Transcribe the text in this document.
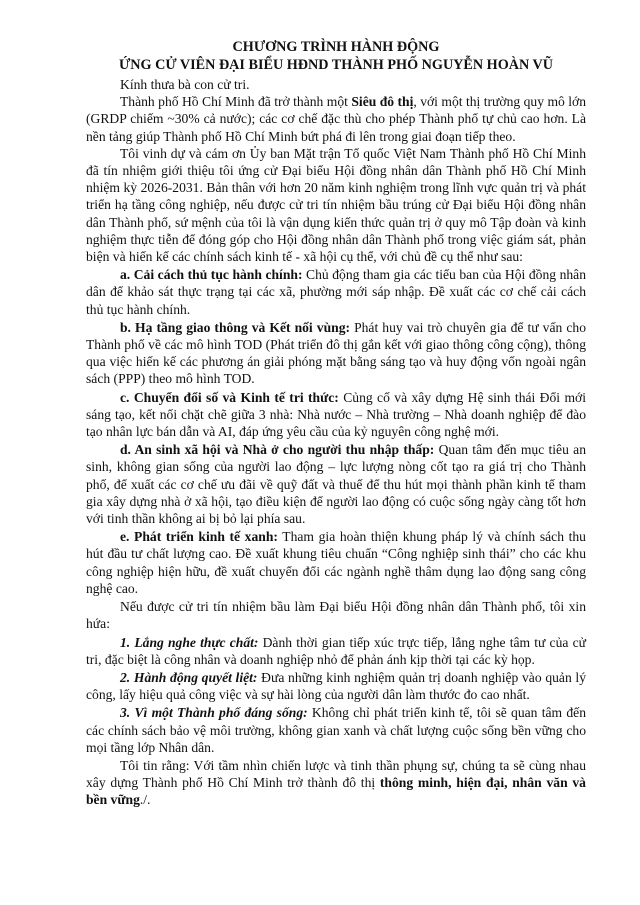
CHƯƠNG TRÌNH HÀNH ĐỘNG
ỨNG CỬ VIÊN ĐẠI BIỂU HĐND THÀNH PHỐ NGUYỄN HOÀN VŨ

Kính thưa bà con cử tri.

Thành phố Hồ Chí Minh đã trở thành một Siêu đô thị, với một thị trường quy mô lớn (GRDP chiếm ~30% cả nước); các cơ chế đặc thù cho phép Thành phố tự chủ cao hơn. Là nền tảng giúp Thành phố Hồ Chí Minh bứt phá đi lên trong giai đoạn tiếp theo.

Tôi vinh dự và cám ơn Ủy ban Mặt trận Tổ quốc Việt Nam Thành phố Hồ Chí Minh đã tín nhiệm giới thiệu tôi ứng cử Đại biểu Hội đồng nhân dân Thành phố Hồ Chí Minh nhiệm kỳ 2026-2031. Bản thân với hơn 20 năm kinh nghiệm trong lĩnh vực quản trị và phát triển hạ tầng công nghiệp, nếu được cử tri tín nhiệm bầu trúng cử Đại biểu Hội đồng nhân dân Thành phố, sứ mệnh của tôi là vận dụng kiến thức quản trị ở quy mô Tập đoàn và kinh nghiệm thực tiễn để đóng góp cho Hội đồng nhân dân Thành phố trong việc giám sát, phản biện và hiến kế các chính sách kinh tế - xã hội cụ thể, với chủ đề cụ thể như sau:

a. Cải cách thủ tục hành chính: Chủ động tham gia các tiểu ban của Hội đồng nhân dân để khảo sát thực trạng tại các xã, phường mới sáp nhập. Đề xuất các cơ chế cải cách thủ tục hành chính.

b. Hạ tầng giao thông và Kết nối vùng: Phát huy vai trò chuyên gia để tư vấn cho Thành phố về các mô hình TOD (Phát triển đô thị gắn kết với giao thông công cộng), thông qua việc hiến kế các phương án giải phóng mặt bằng sáng tạo và huy động vốn ngoài ngân sách (PPP) theo mô hình TOD.

c. Chuyển đổi số và Kinh tế tri thức: Củng cố và xây dựng Hệ sinh thái Đổi mới sáng tạo, kết nối chặt chẽ giữa 3 nhà: Nhà nước – Nhà trường – Nhà doanh nghiệp để đào tạo nhân lực bán dẫn và AI, đáp ứng yêu cầu của kỷ nguyên công nghệ mới.

d. An sinh xã hội và Nhà ở cho người thu nhập thấp: Quan tâm đến mục tiêu an sinh, không gian sống của người lao động – lực lượng nòng cốt tạo ra giá trị cho Thành phố, để xuất các cơ chế ưu đãi về quỹ đất và thuế để thu hút mọi thành phần kinh tế tham gia xây dựng nhà ở xã hội, tạo điều kiện để người lao động có cuộc sống ngày càng tốt hơn với tinh thần không ai bị bỏ lại phía sau.

e. Phát triển kinh tế xanh: Tham gia hoàn thiện khung pháp lý và chính sách thu hút đầu tư chất lượng cao. Đề xuất khung tiêu chuẩn “Công nghiệp sinh thái” cho các khu công nghiệp hiện hữu, đề xuất chuyển đổi các ngành nghề thâm dụng lao động sang công nghệ cao.

Nếu được cử tri tín nhiệm bầu làm Đại biểu Hội đồng nhân dân Thành phố, tôi xin hứa:

1. Lắng nghe thực chất: Dành thời gian tiếp xúc trực tiếp, lắng nghe tâm tư của cử tri, đặc biệt là công nhân và doanh nghiệp nhỏ để phản ánh kịp thời tại các kỳ họp.

2. Hành động quyết liệt: Đưa những kinh nghiệm quản trị doanh nghiệp vào quản lý công, lấy hiệu quả công việc và sự hài lòng của người dân làm thước đo cao nhất.

3. Vì một Thành phố đáng sống: Không chỉ phát triển kinh tế, tôi sẽ quan tâm đến các chính sách bảo vệ môi trường, không gian xanh và chất lượng cuộc sống bền vững cho mọi tầng lớp Nhân dân.

Tôi tin rằng: Với tầm nhìn chiến lược và tinh thần phụng sự, chúng ta sẽ cùng nhau xây dựng Thành phố Hồ Chí Minh trở thành đô thị thông minh, hiện đại, nhân văn và bền vững./.
